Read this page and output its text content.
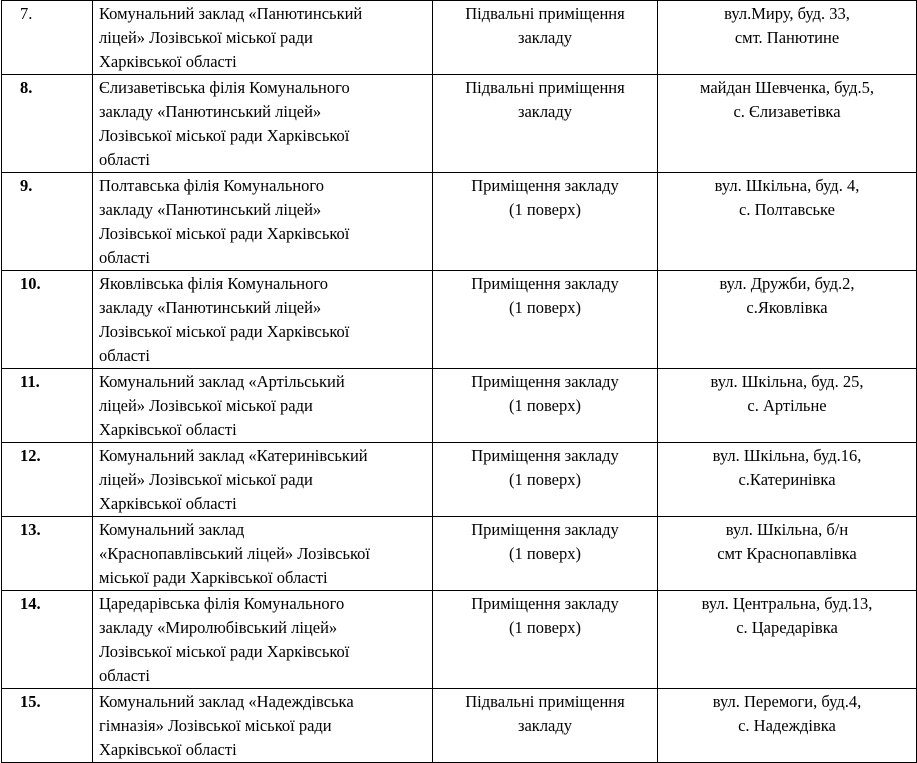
7.	Комунальний заклад «Панютинський
ліцей» Лозівської міської ради
Харківської області	Підвальні приміщення
закладу	вул.Миру, буд. 33,
смт. Панютине
8.	Єлизаветівська філія Комунального
закладу «Панютинський ліцей»
Лозівської міської ради Харківської
області	Підвальні приміщення
закладу	майдан Шевченка, буд.5,
с. Єлизаветівка
9.	Полтавська філія Комунального
закладу «Панютинський ліцей»
Лозівської міської ради Харківської
області	Приміщення закладу
(1 поверх)	вул. Шкільна, буд. 4,
с. Полтавське
10.	Яковлівська філія Комунального
закладу «Панютинський ліцей»
Лозівської міської ради Харківської
області	Приміщення закладу
(1 поверх)	вул. Дружби, буд.2,
с.Яковлівка
11.	Комунальний заклад «Артільський
ліцей» Лозівської міської ради
Харківської області	Приміщення закладу
(1 поверх)	вул. Шкільна, буд. 25,
с. Артільне
12.	Комунальний заклад «Катеринівський
ліцей» Лозівської міської ради
Харківської області	Приміщення закладу
(1 поверх)	вул. Шкільна, буд.16,
с.Катеринівка
13.	Комунальний заклад
«Краснопавлівський ліцей» Лозівської
міської ради Харківської області	Приміщення закладу
(1 поверх)	вул. Шкільна, б/н
смт Краснопавлівка
14.	Царедарівська філія Комунального
закладу «Миролюбівський ліцей»
Лозівської міської ради Харківської
області	Приміщення закладу
(1 поверх)	вул. Центральна, буд.13,
с. Царедарівка
15.	Комунальний заклад «Надеждівська
гімназія» Лозівської міської ради
Харківської області	Підвальні приміщення
закладу	вул. Перемоги, буд.4,
с. Надеждівка
